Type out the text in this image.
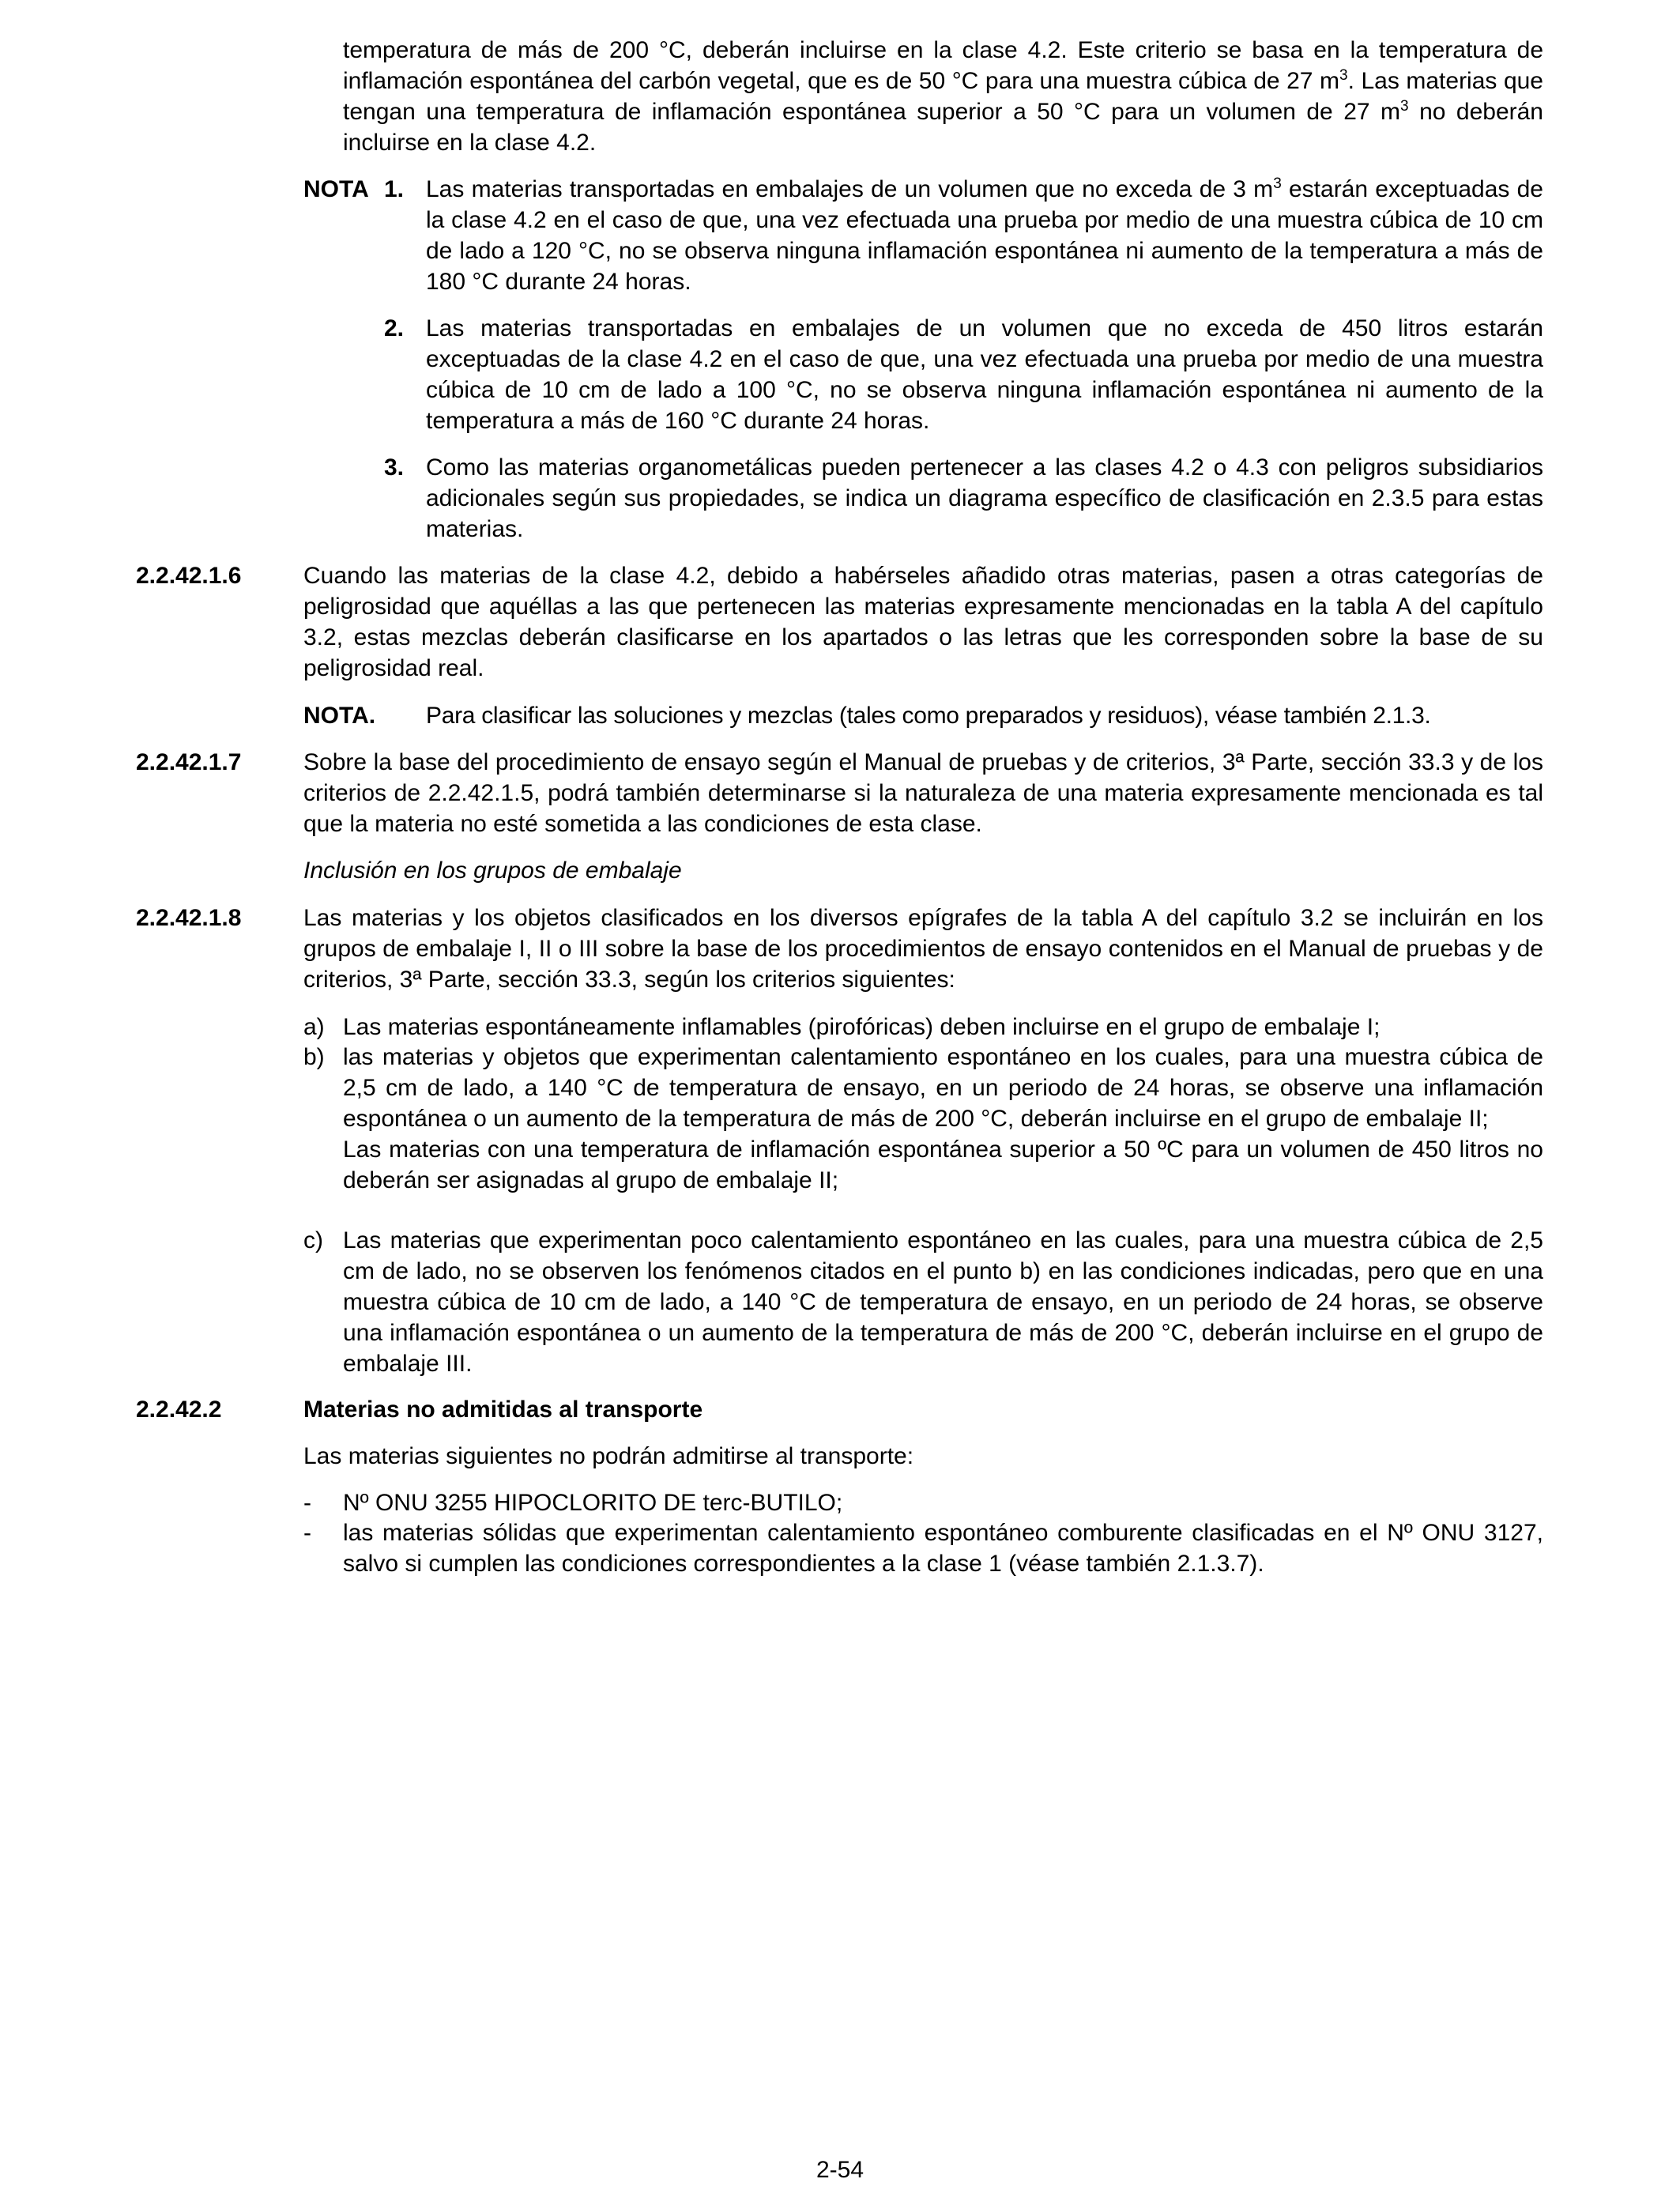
temperatura de más de 200 °C, deberán incluirse en la clase 4.2. Este criterio se basa en la temperatura de inflamación espontánea del carbón vegetal, que es de 50 °C para una muestra cúbica de 27 $m^3$. Las materias que tengan una temperatura de inflamación espontánea superior a 50 °C para un volumen de 27 $m^3$ no deberán incluirse en la clase 4.2.
NOTA 1. Las materias transportadas en embalajes de un volumen que no exceda de 3 $m^3$ estarán exceptuadas de la clase 4.2 en el caso de que, una vez efectuada una prueba por medio de una muestra cúbica de 10 cm de lado a 120 °C, no se observa ninguna inflamación espontánea ni aumento de la temperatura a más de 180 °C durante 24 horas.
2. Las materias transportadas en embalajes de un volumen que no exceda de 450 litros estarán exceptuadas de la clase 4.2 en el caso de que, una vez efectuada una prueba por medio de una muestra cúbica de 10 cm de lado a 100 °C, no se observa ninguna inflamación espontánea ni aumento de la temperatura a más de 160 °C durante 24 horas.
3. Como las materias organometálicas pueden pertenecer a las clases 4.2 o 4.3 con peligros subsidiarios adicionales según sus propiedades, se indica un diagrama específico de clasificación en 2.3.5 para estas materias.
2.2.42.1.6	Cuando las materias de la clase 4.2, debido a habérseles añadido otras materias, pasen a otras categorías de peligrosidad que aquéllas a las que pertenecen las materias expresamente mencionadas en la tabla A del capítulo 3.2, estas mezclas deberán clasificarse en los apartados o las letras que les corresponden sobre la base de su peligrosidad real.
NOTA. Para clasificar las soluciones y mezclas (tales como preparados y residuos), véase también 2.1.3.
2.2.42.1.7	Sobre la base del procedimiento de ensayo según el Manual de pruebas y de criterios, 3ª Parte, sección 33.3 y de los criterios de 2.2.42.1.5, podrá también determinarse si la naturaleza de una materia expresamente mencionada es tal que la materia no esté sometida a las condiciones de esta clase.
Inclusión en los grupos de embalaje
2.2.42.1.8	Las materias y los objetos clasificados en los diversos epígrafes de la tabla A del capítulo 3.2 se incluirán en los grupos de embalaje I, II o III sobre la base de los procedimientos de ensayo contenidos en el Manual de pruebas y de criterios, 3ª Parte, sección 33.3, según los criterios siguientes:
a) Las materias espontáneamente inflamables (pirofóricas) deben incluirse en el grupo de embalaje I;
b) las materias y objetos que experimentan calentamiento espontáneo en los cuales, para una muestra cúbica de 2,5 cm de lado, a 140 °C de temperatura de ensayo, en un periodo de 24 horas, se observe una inflamación espontánea o un aumento de la temperatura de más de 200 °C, deberán incluirse en el grupo de embalaje II;
Las materias con una temperatura de inflamación espontánea superior a 50 ºC para un volumen de 450 litros no deberán ser asignadas al grupo de embalaje II;
c) Las materias que experimentan poco calentamiento espontáneo en las cuales, para una muestra cúbica de 2,5 cm de lado, no se observen los fenómenos citados en el punto b) en las condiciones indicadas, pero que en una muestra cúbica de 10 cm de lado, a 140 °C de temperatura de ensayo, en un periodo de 24 horas, se observe una inflamación espontánea o un aumento de la temperatura de más de 200 °C, deberán incluirse en el grupo de embalaje III.
2.2.42.2	Materias no admitidas al transporte
Las materias siguientes no podrán admitirse al transporte:
- Nº ONU 3255 HIPOCLORITO DE terc-BUTILO;
- las materias sólidas que experimentan calentamiento espontáneo comburente clasificadas en el Nº ONU 3127, salvo si cumplen las condiciones correspondientes a la clase 1 (véase también 2.1.3.7).
2-54
